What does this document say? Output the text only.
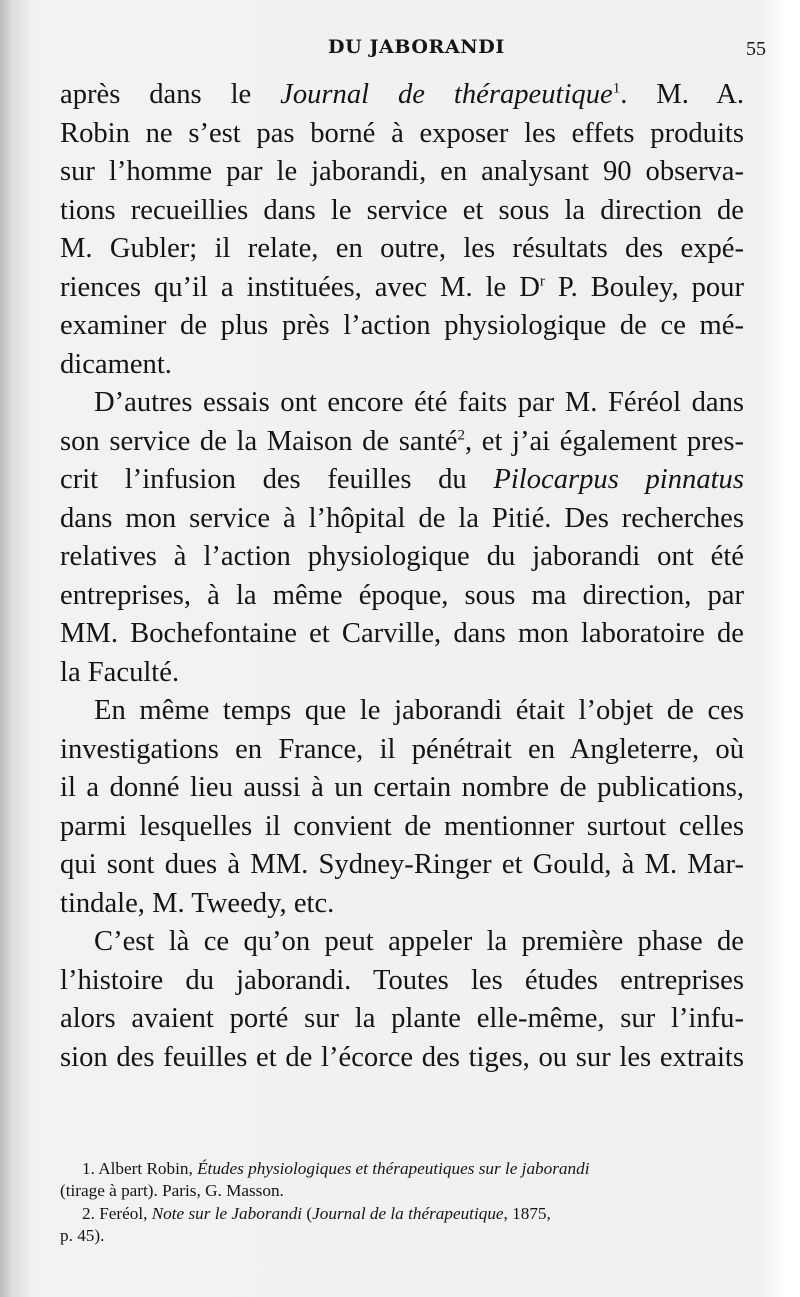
DU JABORANDI	55

après dans le Journal de thérapeutique$^1$. M. A.
Robin ne s’est pas borné à exposer les effets produits
sur l’homme par le jaborandi, en analysant 90 observa-
tions recueillies dans le service et sous la direction de
M. Gubler; il relate, en outre, les résultats des expé-
riences qu’il a instituées, avec M. le $D^r$ P. Bouley, pour
examiner de plus près l’action physiologique de ce mé-
dicament.

D’autres essais ont encore été faits par M. Féréol dans
son service de la Maison de santé$^2$, et j’ai également pres-
crit l’infusion des feuilles du Pilocarpus pinnatus
dans mon service à l’hôpital de la Pitié. Des recherches
relatives à l’action physiologique du jaborandi ont été
entreprises, à la même époque, sous ma direction, par
MM. Bochefontaine et Carville, dans mon laboratoire de
la Faculté.

En même temps que le jaborandi était l’objet de ces
investigations en France, il pénétrait en Angleterre, où
il a donné lieu aussi à un certain nombre de publications,
parmi lesquelles il convient de mentionner surtout celles
qui sont dues à MM. Sydney-Ringer et Gould, à M. Mar-
tindale, M. Tweedy, etc.

C’est là ce qu’on peut appeler la première phase de
l’histoire du jaborandi. Toutes les études entreprises
alors avaient porté sur la plante elle-même, sur l’infu-
sion des feuilles et de l’écorce des tiges, ou sur les extraits

1. Albert Robin, Études physiologiques et thérapeutiques sur le jaborandi
(tirage à part). Paris, G. Masson.
2. Feréol, Note sur le Jaborandi (Journal de la thérapeutique, 1875,
p. 45).
